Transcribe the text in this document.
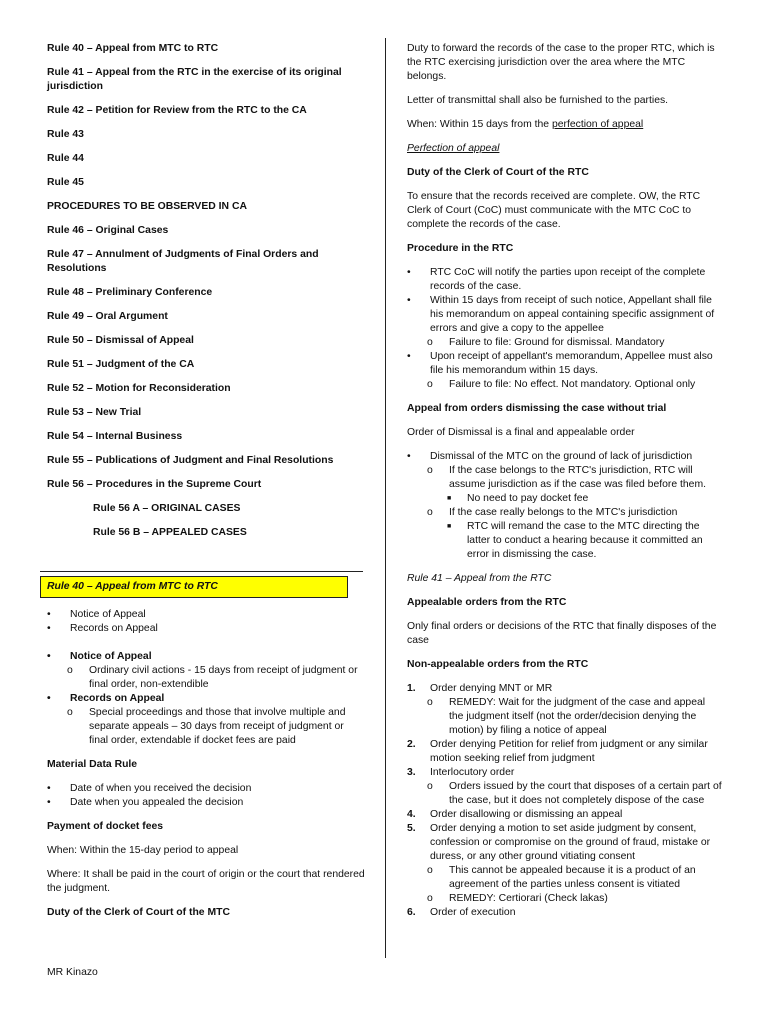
Rule 40 – Appeal from MTC to RTC

Rule 41 – Appeal from the RTC in the exercise of its original jurisdiction

Rule 42 – Petition for Review from the RTC to the CA

Rule 43

Rule 44

Rule 45

PROCEDURES TO BE OBSERVED IN CA

Rule 46 – Original Cases

Rule 47 – Annulment of Judgments of Final Orders and Resolutions

Rule 48 – Preliminary Conference

Rule 49 – Oral Argument

Rule 50 – Dismissal of Appeal

Rule 51 – Judgment of the CA

Rule 52 – Motion for Reconsideration

Rule 53 – New Trial

Rule 54 – Internal Business

Rule 55 – Publications of Judgment and Final Resolutions

Rule 56 – Procedures in the Supreme Court

Rule 56 A – ORIGINAL CASES

Rule 56 B – APPEALED CASES

Rule 40 – Appeal from MTC to RTC
•	Notice of Appeal
•	Records on Appeal
•	Notice of Appeal
o Ordinary civil actions - 15 days from receipt of judgment or final order, non-extendible
•	Records on Appeal
o Special proceedings and those that involve multiple and separate appeals – 30 days from receipt of judgment or final order, extendable if docket fees are paid

Material Data Rule

•	Date of when you received the decision
•	Date when you appealed the decision

Payment of docket fees

When: Within the 15-day period to appeal

Where: It shall be paid in the court of origin or the court that rendered the judgment.

Duty of the Clerk of Court of the MTC

Duty to forward the records of the case to the proper RTC, which is the RTC exercising jurisdiction over the area where the MTC belongs.

Letter of transmittal shall also be furnished to the parties.

When: Within 15 days from the perfection of appeal

Perfection of appeal

Duty of the Clerk of Court of the RTC

To ensure that the records received are complete. OW, the RTC Clerk of Court (CoC) must communicate with the MTC CoC to complete the records of the case.

Procedure in the RTC

•	RTC CoC will notify the parties upon receipt of the complete records of the case.
•	Within 15 days from receipt of such notice, Appellant shall file his memorandum on appeal containing specific assignment of errors and give a copy to the appellee
o Failure to file: Ground for dismissal. Mandatory
•	Upon receipt of appellant's memorandum, Appellee must also file his memorandum within 15 days.
o Failure to file: No effect. Not mandatory. Optional only

Appeal from orders dismissing the case without trial

Order of Dismissal is a final and appealable order

•	Dismissal of the MTC on the ground of lack of jurisdiction
o If the case belongs to the RTC's jurisdiction, RTC will assume jurisdiction as if the case was filed before them.
■ No need to pay docket fee
o If the case really belongs to the MTC's jurisdiction
■ RTC will remand the case to the MTC directing the latter to conduct a hearing because it committed an error in dismissing the case.

Rule 41 – Appeal from the RTC

Appealable orders from the RTC

Only final orders or decisions of the RTC that finally disposes of the case

Non-appealable orders from the RTC

1.	Order denying MNT or MR
o REMEDY: Wait for the judgment of the case and appeal the judgment itself (not the order/decision denying the motion) by filing a notice of appeal
2.	Order denying Petition for relief from judgment or any similar motion seeking relief from judgment
3.	Interlocutory order
o Orders issued by the court that disposes of a certain part of the case, but it does not completely dispose of the case
4.	Order disallowing or dismissing an appeal
5.	Order denying a motion to set aside judgment by consent, confession or compromise on the ground of fraud, mistake or duress, or any other ground vitiating consent
o This cannot be appealed because it is a product of an agreement of the parties unless consent is vitiated
o REMEDY: Certiorari (Check lakas)
6.	Order of execution
MR Kinazo
